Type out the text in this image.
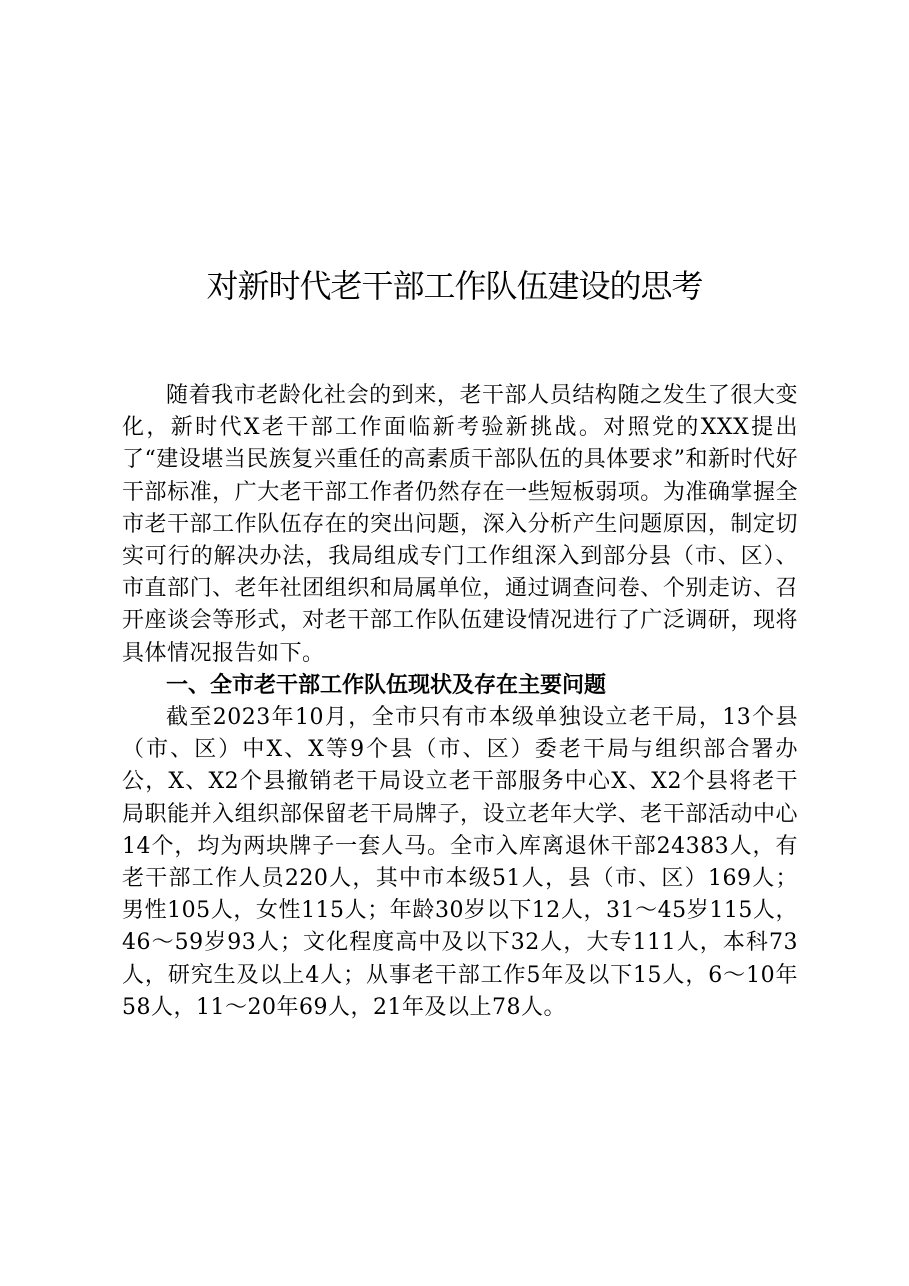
对新时代老干部工作队伍建设的思考

随着我市老龄化社会的到来，老干部人员结构随之发生了很大变化，新时代X老干部工作面临新考验新挑战。对照党的XXX提出了“建设堪当民族复兴重任的高素质干部队伍的具体要求”和新时代好干部标准，广大老干部工作者仍然存在一些短板弱项。为准确掌握全市老干部工作队伍存在的突出问题，深入分析产生问题原因，制定切实可行的解决办法，我局组成专门工作组深入到部分县（市、区）、市直部门、老年社团组织和局属单位，通过调查问卷、个别走访、召开座谈会等形式，对老干部工作队伍建设情况进行了广泛调研，现将具体情况报告如下。

一、全市老干部工作队伍现状及存在主要问题

截至2023年10月，全市只有市本级单独设立老干局，13个县（市、区）中X、X等9个县（市、区）委老干局与组织部合署办公，X、X2个县撤销老干局设立老干部服务中心X、X2个县将老干局职能并入组织部保留老干局牌子，设立老年大学、老干部活动中心14个，均为两块牌子一套人马。全市入库离退休干部24383人，有老干部工作人员220人，其中市本级51人，县（市、区）169人；男性105人，女性115人；年龄30岁以下12人，31～45岁115人，46～59岁93人；文化程度高中及以下32人，大专111人，本科73人，研究生及以上4人；从事老干部工作5年及以下15人，6～10年58人，11～20年69人，21年及以上78人。
